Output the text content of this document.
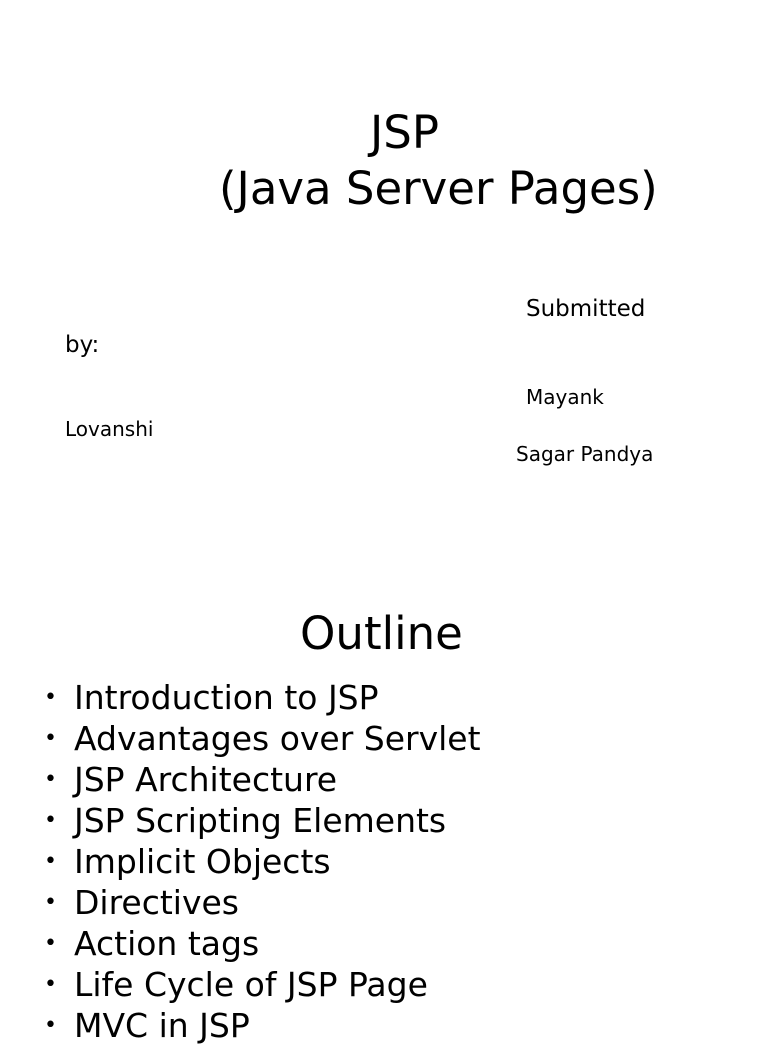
JSP
(Java Server Pages)
Submitted
by:
Mayank
Lovanshi
Sagar Pandya
Outline
• Introduction to JSP
• Advantages over Servlet
• JSP Architecture
• JSP Scripting Elements
• Implicit Objects
• Directives
• Action tags
• Life Cycle of JSP Page
• MVC in JSP
